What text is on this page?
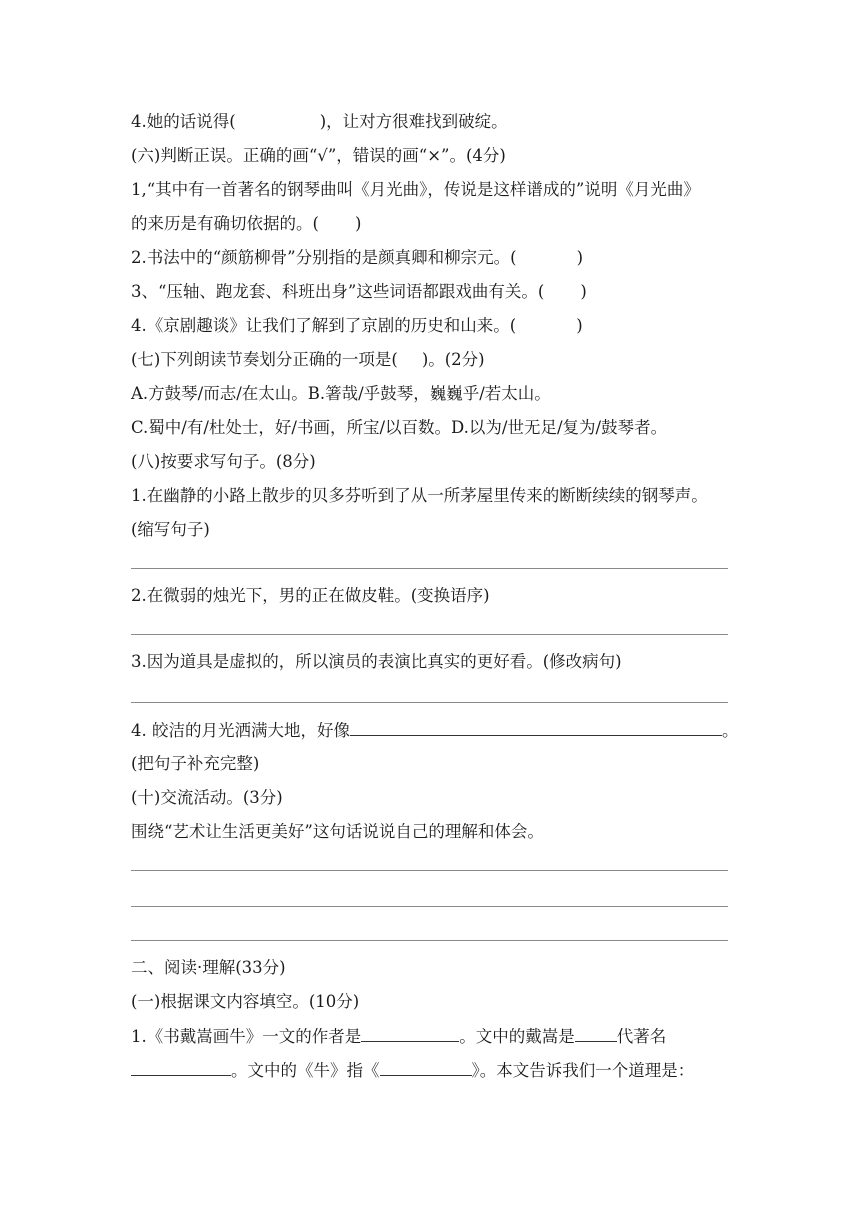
4.她的话说得(	)，让对方很难找到破绽。
(六)判断正误。正确的画“√”，错误的画“×”。(4分)
1,“其中有一首著名的钢琴曲叫《月光曲》，传说是这样谱成的”说明《月光曲》
的来历是有确切依据的。( )
2.书法中的“颜筋柳骨”分别指的是颜真卿和柳宗元。(	)
3、“压轴、跑龙套、科班出身”这些词语都跟戏曲有关。( )
4.《京剧趣谈》让我们了解到了京剧的历史和山来。(	)
(七)下列朗读节奏划分正确的一项是( )。(2分)
A.方鼓琴/而志/在太山。B.箸哉/乎鼓琴，巍巍乎/若太山。
C.蜀中/有/杜处士，好/书画，所宝/以百数。D.以为/世无足/复为/鼓琴者。
(八)按要求写句子。(8分)
1.在幽静的小路上散步的贝多芬听到了从一所茅屋里传来的断断续续的钢琴声。
(缩写句子)
2.在微弱的烛光下，男的正在做皮鞋。(变换语序)
3.因为道具是虚拟的，所以演员的表演比真实的更好看。(修改病句)
4. 皎洁的月光洒满大地，好像	。
(把句子补充完整)
(十)交流活动。(3分)
围绕“艺术让生活更美好”这句话说说自己的理解和体会。
二、阅读·理解(33分)
(一)根据课文内容填空。(10分)
1.《书戴嵩画牛》一文的作者是	。文中的戴嵩是	代著名
。文中的《牛》指《	》。本文告诉我们一个道理是：
